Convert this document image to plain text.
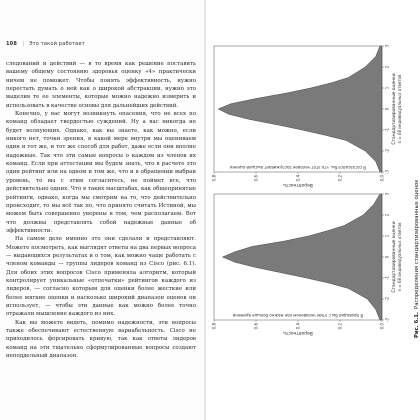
108 | Это такой работает

следований и действий — в то время как решение поставить вашему общему состоянию здоровья оценку «4» практически ничем не поможет. Чтобы понять эффективность, нужно перестать думать о ней как о широкой абстракции, нужно это выделив те ее элементы, которые можно надежно измерить и использовать в качестве основы для дальнейших действий.

Конечно, у вас могут возникнуть опасения, что не всех по команд обладает твердостью суждений. Ну а вас никогда не будет волнующих. Однако, как вы знаете, как можно, если никого нет, точки зрения, в какой мере внутри мы оцениваем один и тот же, и тот же способ для работ, даже если они вполне надежные. Так что эти самые вопросы о каждом из членов их команд. Если при аттестации мы будем знать, что в расчете это один рейтинг или на одном и том же, что и в обращении выбран уровень, то вы с этим согласитесь, не поймет все, что действительно одних. Что в таких масштабах, как общепринятые рейтинги, однако, когда мы смотрим на то, что действительно происходит, то мы всё так по, что принято считать Истиной, мы можем быть совершенно уверены в том, чем располагаем. Вот что должны представлять собой надежные данные об эффективности.

На самом деле именно это они сделали и представляют. Можете посмотреть, как выглядят ответы на два первых вопроса — выдающихся результатах и о том, как можно чаще работать с членом команды — группы лидеров команд из Cisco (рис. 6.1). Для обоих этих вопросов Cisco применяла алгоритм, который контролирует уникальные «отпечатки» рейтингов каждого из лидеров, — согласно которым для оценки более жесткие или более мягкие оценки и насколько широкий диапазон оценок он использует, — чтобы эти данные как можно более точно отражали мышление каждого из них.

Как вы можете видеть, помимо надежности, эти вопросы также обеспечивают естественную вариабельность. Cisco не приходилось форсировать кривую, так как ответы лидеров команд на эти тщательно сформулированные вопросы создают неподдельный диапазон.

0.0
0.2
0.4
0.6
0.8
-3
-2
-1
0
1
2
3
Вероятность
Стандартизированные оценки n = 68 индивидуальных ответов
Я проводил бы с этим человеком как можно больше времени
0.0
0.2
0.4
0.6
0.8
-3
-2
-1
0
1
2
3
Вероятность
Стандартизированные оценки n = 68 индивидуальных ответов
Я согласился бы, что этот человек заслуживает высшей оценки
Рис. 6.1.Распределения стандартизированных оценок
